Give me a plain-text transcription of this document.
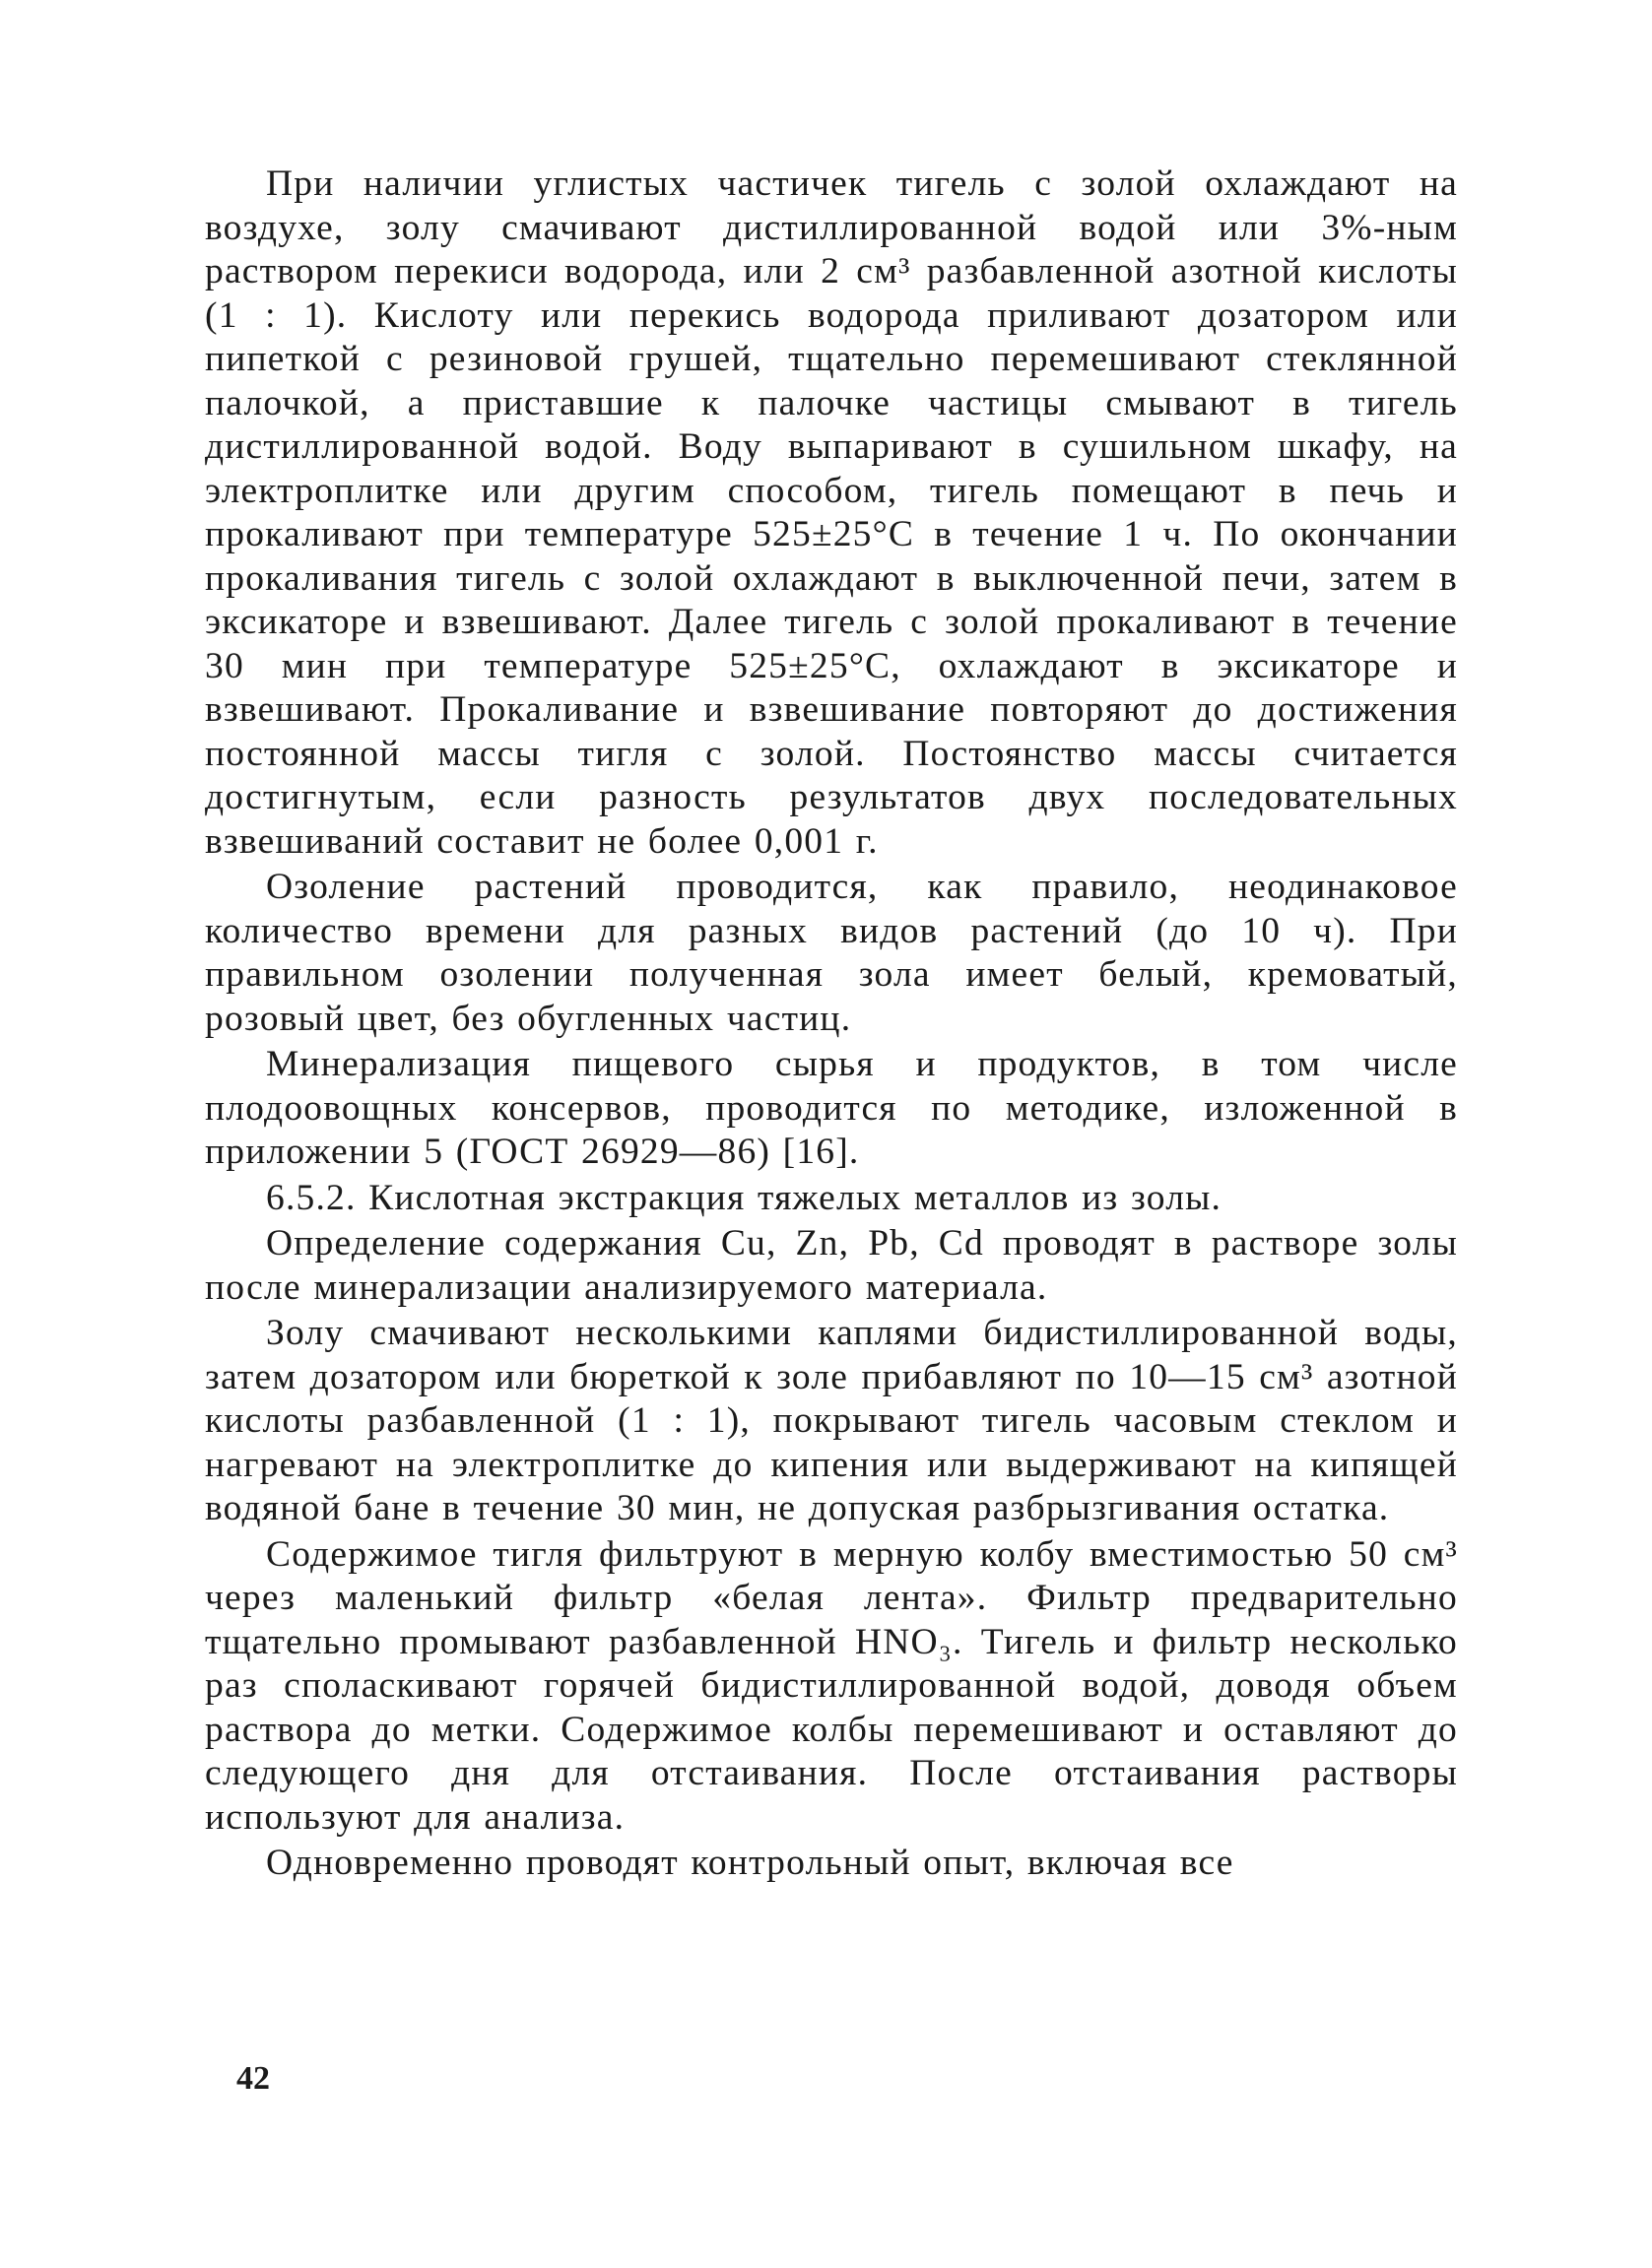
При наличии углистых частичек тигель с золой охлаждают на воздухе, золу смачивают дистиллированной водой или 3%-ным раствором перекиси водорода, или 2 см³ разбавленной азотной кислоты (1 : 1). Кислоту или перекись водорода приливают дозатором или пипеткой с резиновой грушей, тщательно перемешивают стеклянной палочкой, а приставшие к палочке частицы смывают в тигель дистиллированной водой. Воду выпаривают в сушильном шкафу, на электроплитке или другим способом, тигель помещают в печь и прокаливают при температуре 525±25°С в течение 1 ч. По окончании прокаливания тигель с золой охлаждают в выключенной печи, затем в эксикаторе и взвешивают. Далее тигель с золой прокаливают в течение 30 мин при температуре 525±25°С, охлаждают в эксикаторе и взвешивают. Прокаливание и взвешивание повторяют до достижения постоянной массы тигля с золой. Постоянство массы считается достигнутым, если разность результатов двух последовательных взвешиваний составит не более 0,001 г.

Озоление растений проводится, как правило, неодинаковое количество времени для разных видов растений (до 10 ч). При правильном озолении полученная зола имеет белый, кремоватый, розовый цвет, без обугленных частиц.

Минерализация пищевого сырья и продуктов, в том числе плодоовощных консервов, проводится по методике, изложенной в приложении 5 (ГОСТ 26929—86) [16].

6.5.2. Кислотная экстракция тяжелых металлов из золы.

Определение содержания Cu, Zn, Pb, Cd проводят в растворе золы после минерализации анализируемого материала.

Золу смачивают несколькими каплями бидистиллированной воды, затем дозатором или бюреткой к золе прибавляют по 10—15 см³ азотной кислоты разбавленной (1 : 1), покрывают тигель часовым стеклом и нагревают на электроплитке до кипения или выдерживают на кипящей водяной бане в течение 30 мин, не допуская разбрызгивания остатка.

Содержимое тигля фильтруют в мерную колбу вместимостью 50 см³ через маленький фильтр «белая лента». Фильтр предварительно тщательно промывают разбавленной HNO₃. Тигель и фильтр несколько раз споласкивают горячей бидистиллированной водой, доводя объем раствора до метки. Содержимое колбы перемешивают и оставляют до следующего дня для отстаивания. После отстаивания растворы используют для анализа.

Одновременно проводят контрольный опыт, включая все

42
